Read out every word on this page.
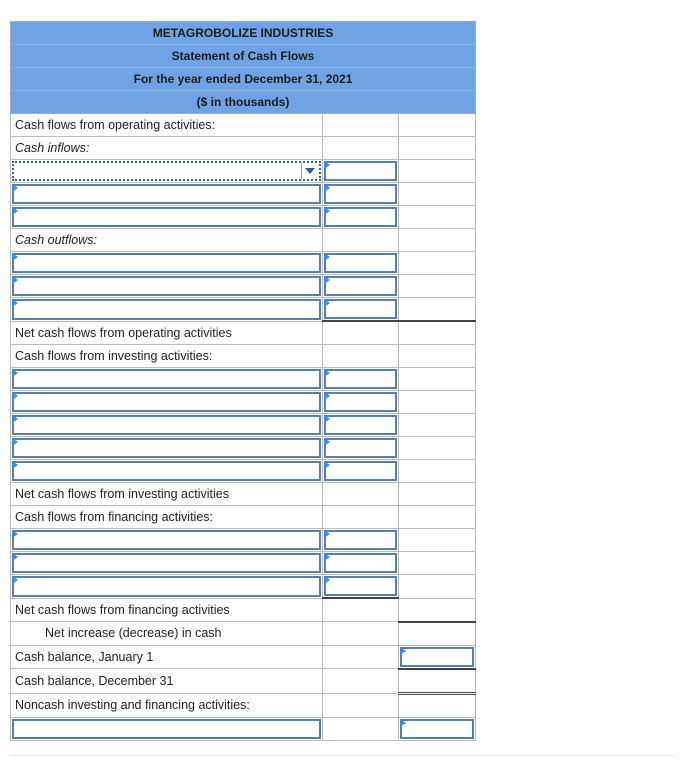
METAGROBOLIZE INDUSTRIES		
Statement of Cash Flows		
For the year ended December 31, 2021		
($ in thousands)		
Cash flows from operating activities:		
Cash inflows:		

Cash outflows:		

Net cash flows from operating activities		
Cash flows from investing activities:		

Net cash flows from investing activities		
Cash flows from financing activities:		

Net cash flows from financing activities		
Net increase (decrease) in cash		
Cash balance, January 1		

Cash balance, December 31		
Noncash investing and financing activities:		
